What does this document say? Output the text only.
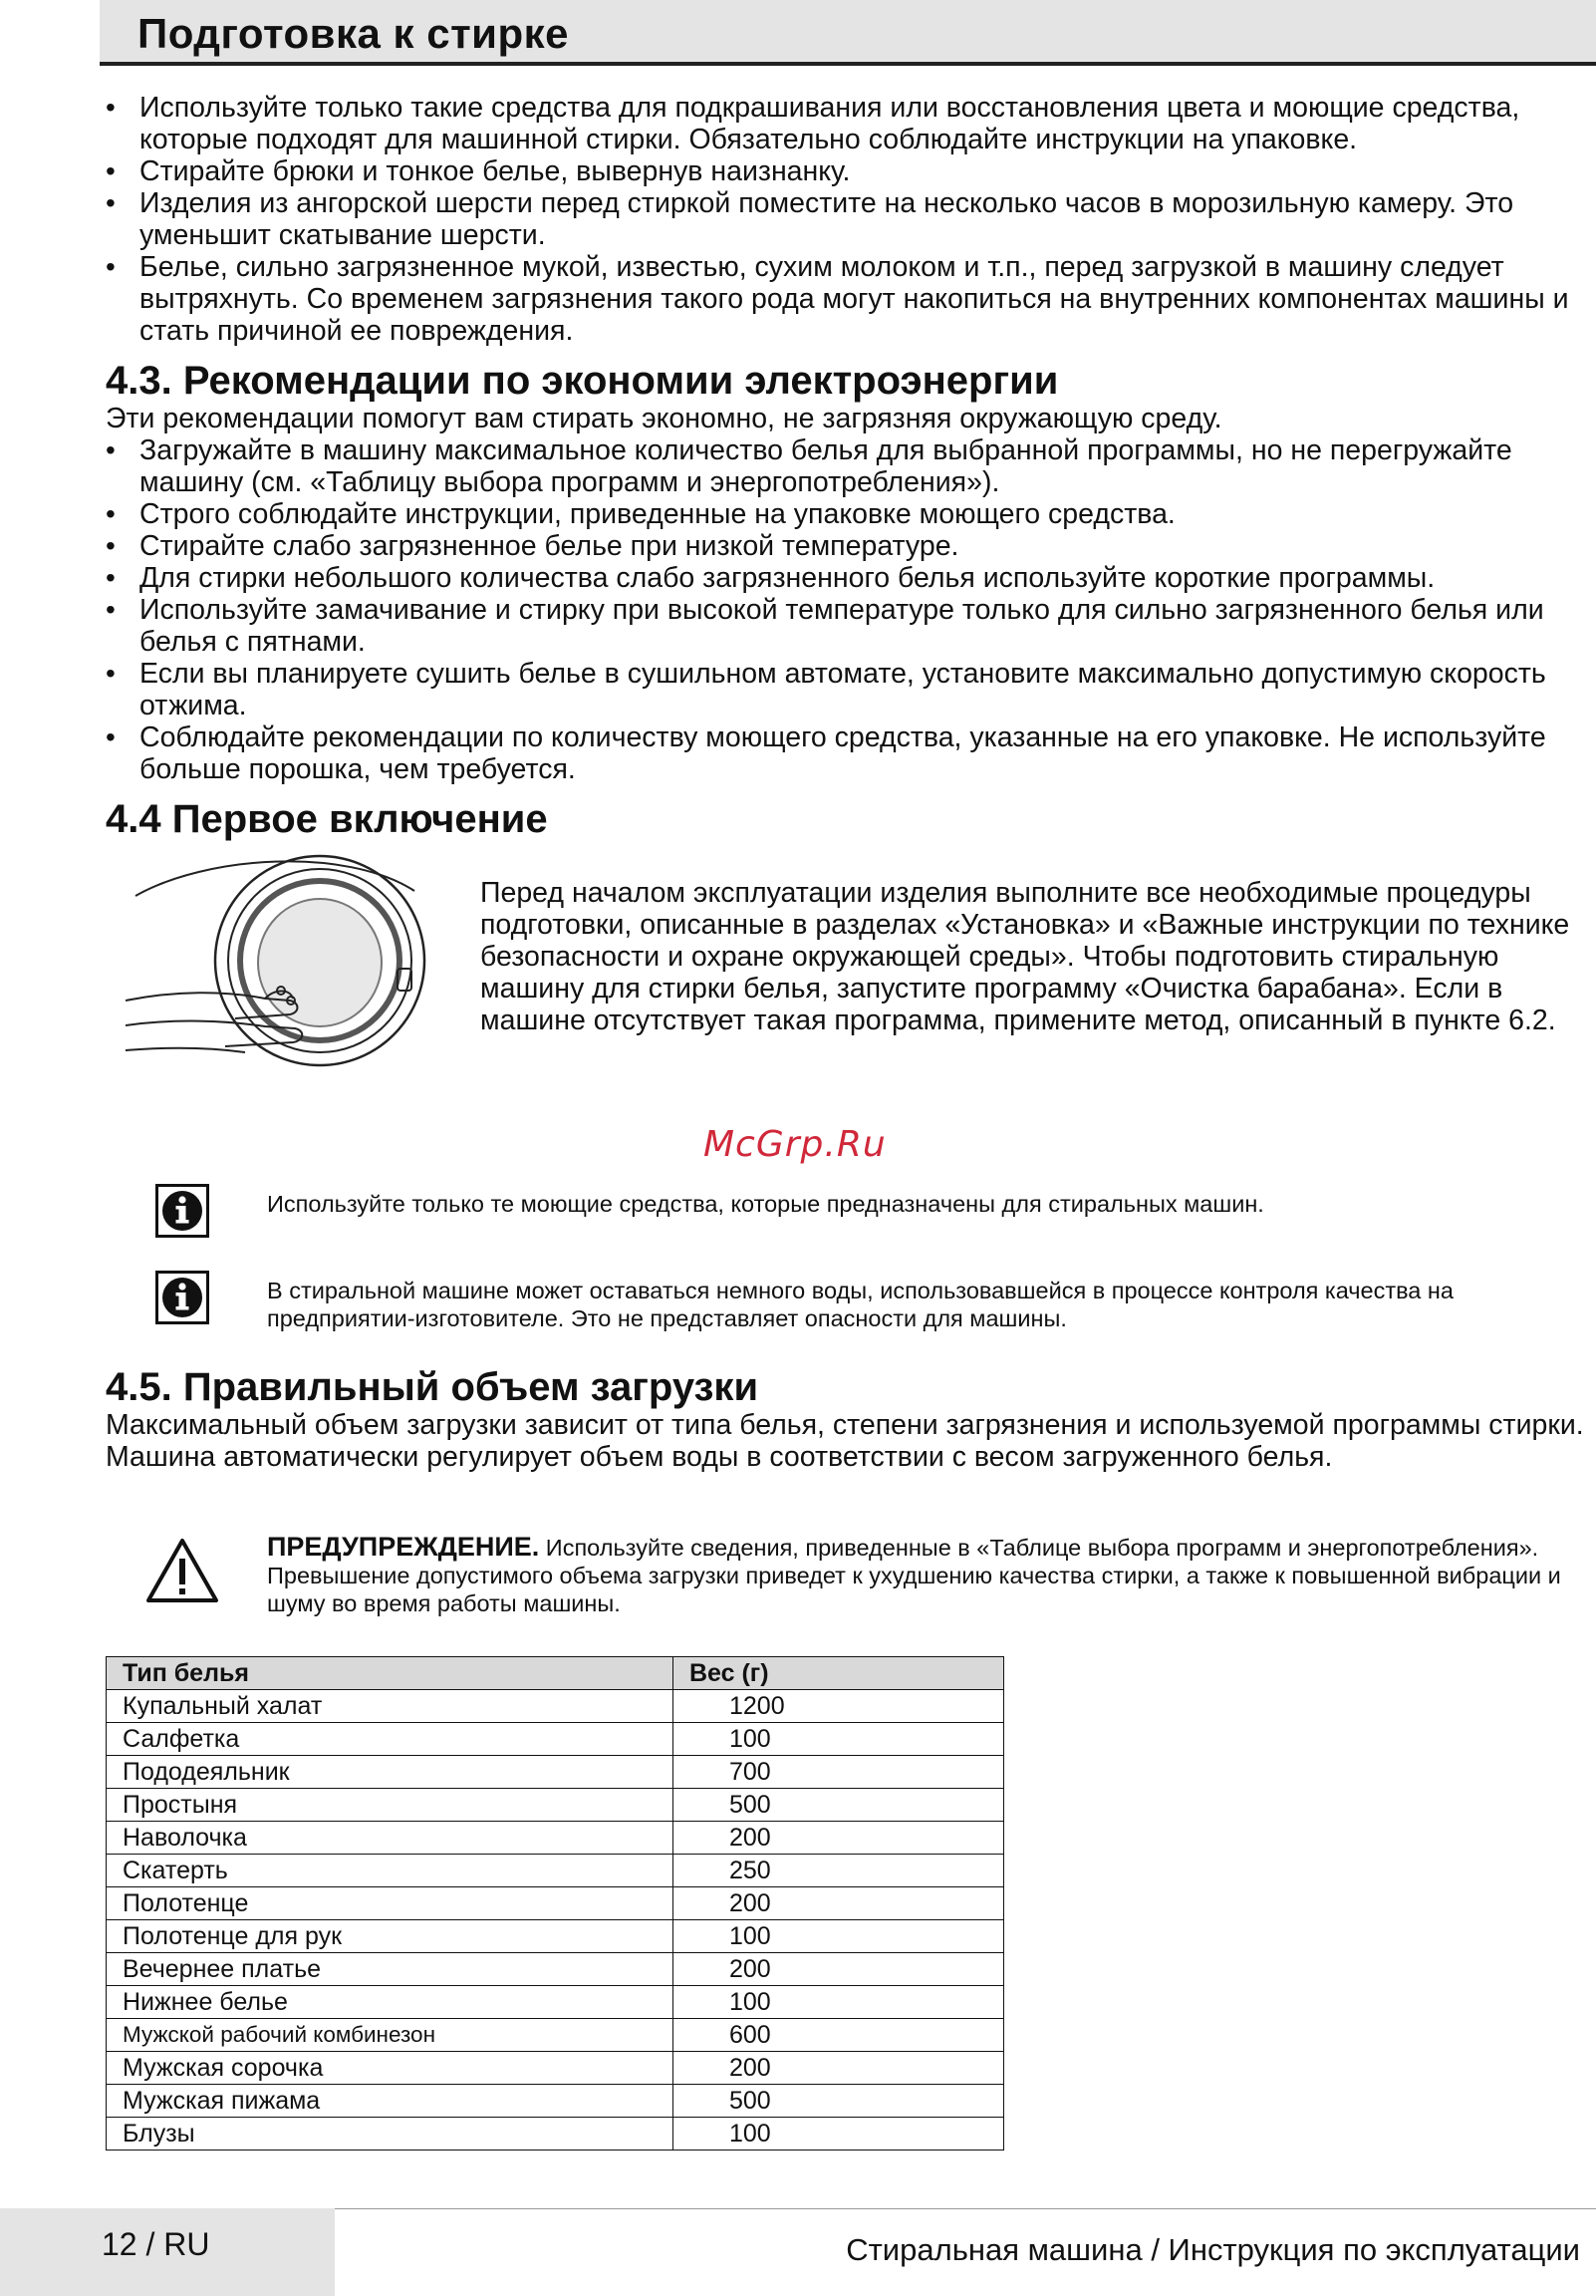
Подготовка к стирке
• Используйте только такие средства для подкрашивания или восстановления цвета и моющие средства, которые подходят для машинной стирки. Обязательно соблюдайте инструкции на упаковке.
• Стирайте брюки и тонкое белье, вывернув наизнанку.
• Изделия из ангорской шерсти перед стиркой поместите на несколько часов в морозильную камеру. Это уменьшит скатывание шерсти.
• Белье, сильно загрязненное мукой, известью, сухим молоком и т.п., перед загрузкой в машину следует вытряхнуть. Со временем загрязнения такого рода могут накопиться на внутренних компонентах машины и стать причиной ее повреждения.
4.3. Рекомендации по экономии электроэнергии

Эти рекомендации помогут вам стирать экономно, не загрязняя окружающую среду.

• Загружайте в машину максимальное количество белья для выбранной программы, но не перегружайте машину (см. «Таблицу выбора программ и энергопотребления»).
• Строго соблюдайте инструкции, приведенные на упаковке моющего средства.
• Стирайте слабо загрязненное белье при низкой температуре.
• Для стирки небольшого количества слабо загрязненного белья используйте короткие программы.
• Используйте замачивание и стирку при высокой температуре только для сильно загрязненного белья или белья с пятнами.
• Если вы планируете сушить белье в сушильном автомате, установите максимально допустимую скорость отжима.
• Соблюдайте рекомендации по количеству моющего средства, указанные на его упаковке. Не используйте больше порошка, чем требуется.
4.4 Первое включение
Перед началом эксплуатации изделия выполните все необходимые процедуры подготовки, описанные в разделах «Установка» и «Важные инструкции по технике безопасности и охране окружающей среды». Чтобы подготовить стиральную машину для стирки белья, запустите программу «Очистка барабана». Если в машине отсутствует такая программа, примените метод, описанный в пункте 6.2.
McGrp.Ru
Используйте только те моющие средства, которые предназначены для стиральных машин.
В стиральной машине может оставаться немного воды, использовавшейся в процессе контроля качества на предприятии-изготовителе. Это не представляет опасности для машины.
4.5. Правильный объем загрузки

Максимальный объем загрузки зависит от типа белья, степени загрязнения и используемой программы стирки.

Машина автоматически регулирует объем воды в соответствии с весом загруженного белья.

ПРЕДУПРЕЖДЕНИЕ. Используйте сведения, приведенные в «Таблице выбора программ и энергопотребления». Превышение допустимого объема загрузки приведет к ухудшению качества стирки, а также к повышенной вибрации и шуму во время работы машины.
Тип белья	Вес (г)
Купальный халат	1200
Салфетка	100
Пододеяльник	700
Простыня	500
Наволочка	200
Скатерть	250
Полотенце	200
Полотенце для рук	100
Вечернее платье	200
Нижнее белье	100
Мужской рабочий комбинезон	600
Мужская сорочка	200
Мужская пижама	500
Блузы	100
12 / RU	Стиральная машина / Инструкция по эксплуатации
